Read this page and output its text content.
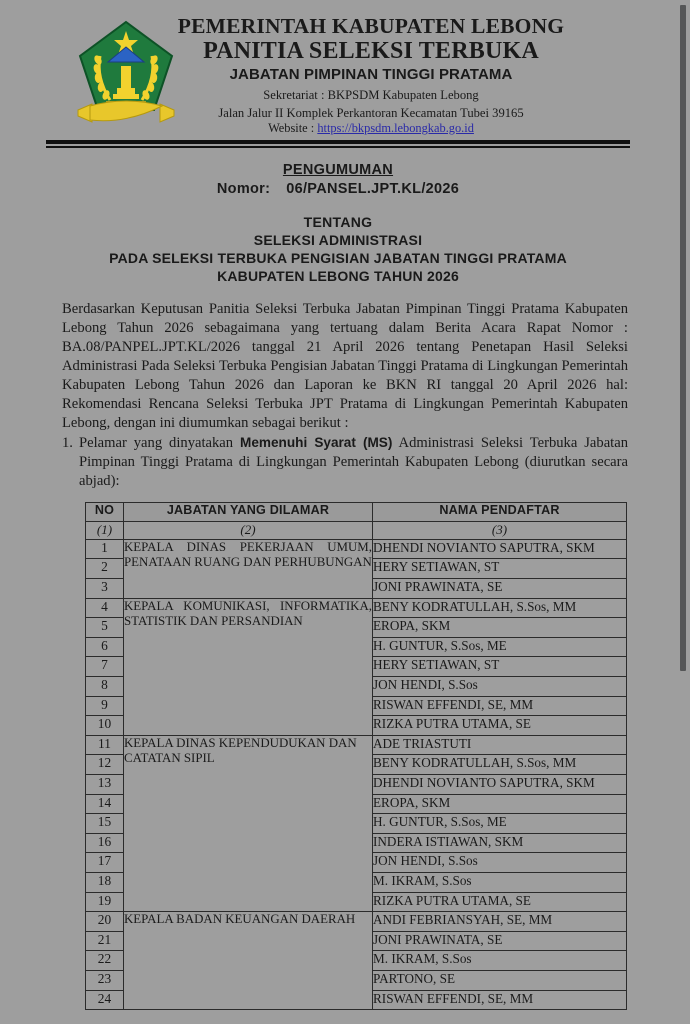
PEMERINTAH KABUPATEN LEBONG
PANITIA SELEKSI TERBUKA
JABATAN PIMPINAN TINGGI PRATAMA
Sekretariat : BKPSDM Kabupaten Lebong
Jalan Jalur II Komplek Perkantoran Kecamatan Tubei 39165
Website : https://bkpsdm.lebongkab.go.id
PENGUMUMAN
Nomor: 06/PANSEL.JPT.KL/2026
TENTANG
SELEKSI ADMINISTRASI
PADA SELEKSI TERBUKA PENGISIAN JABATAN TINGGI PRATAMA
KABUPATEN LEBONG TAHUN 2026

Berdasarkan Keputusan Panitia Seleksi Terbuka Jabatan Pimpinan Tinggi Pratama Kabupaten Lebong Tahun 2026 sebagaimana yang tertuang dalam Berita Acara Rapat Nomor : BA.08/PANPEL.JPT.KL/2026 tanggal 21 April 2026 tentang Penetapan Hasil Seleksi Administrasi Pada Seleksi Terbuka Pengisian Jabatan Tinggi Pratama di Lingkungan Pemerintah Kabupaten Lebong Tahun 2026 dan Laporan ke BKN RI tanggal 20 April 2026 hal: Rekomendasi Rencana Seleksi Terbuka JPT Pratama di Lingkungan Pemerintah Kabupaten Lebong, dengan ini diumumkan sebagai berikut :

1. Pelamar yang dinyatakan Memenuhi Syarat (MS) Administrasi Seleksi Terbuka Jabatan Pimpinan Tinggi Pratama di Lingkungan Pemerintah Kabupaten Lebong (diurutkan secara abjad):
NO	JABATAN YANG DILAMAR	NAMA PENDAFTAR
(1)	(2)	(3)
1	KEPALA DINAS PEKERJAAN UMUM, PENATAAN RUANG DAN PERHUBUNGAN	DHENDI NOVIANTO SAPUTRA, SKM
2		HERY SETIAWAN, ST
3		JONI PRAWINATA, SE
4	KEPALA KOMUNIKASI, INFORMATIKA, STATISTIK DAN PERSANDIAN	BENY KODRATULLAH, S.Sos, MM
5		EROPA, SKM
6		H. GUNTUR, S.Sos, ME
7		HERY SETIAWAN, ST
8		JON HENDI, S.Sos
9		RISWAN EFFENDI, SE, MM
10		RIZKA PUTRA UTAMA, SE
11	KEPALA DINAS KEPENDUDUKAN DAN CATATAN SIPIL	ADE TRIASTUTI
12		BENY KODRATULLAH, S.Sos, MM
13		DHENDI NOVIANTO SAPUTRA, SKM
14		EROPA, SKM
15		H. GUNTUR, S.Sos, ME
16		INDERA ISTIAWAN, SKM
17		JON HENDI, S.Sos
18		M. IKRAM, S.Sos
19		RIZKA PUTRA UTAMA, SE
20	KEPALA BADAN KEUANGAN DAERAH	ANDI FEBRIANSYAH, SE, MM
21		JONI PRAWINATA, SE
22		M. IKRAM, S.Sos
23		PARTONO, SE
24		RISWAN EFFENDI, SE, MM
